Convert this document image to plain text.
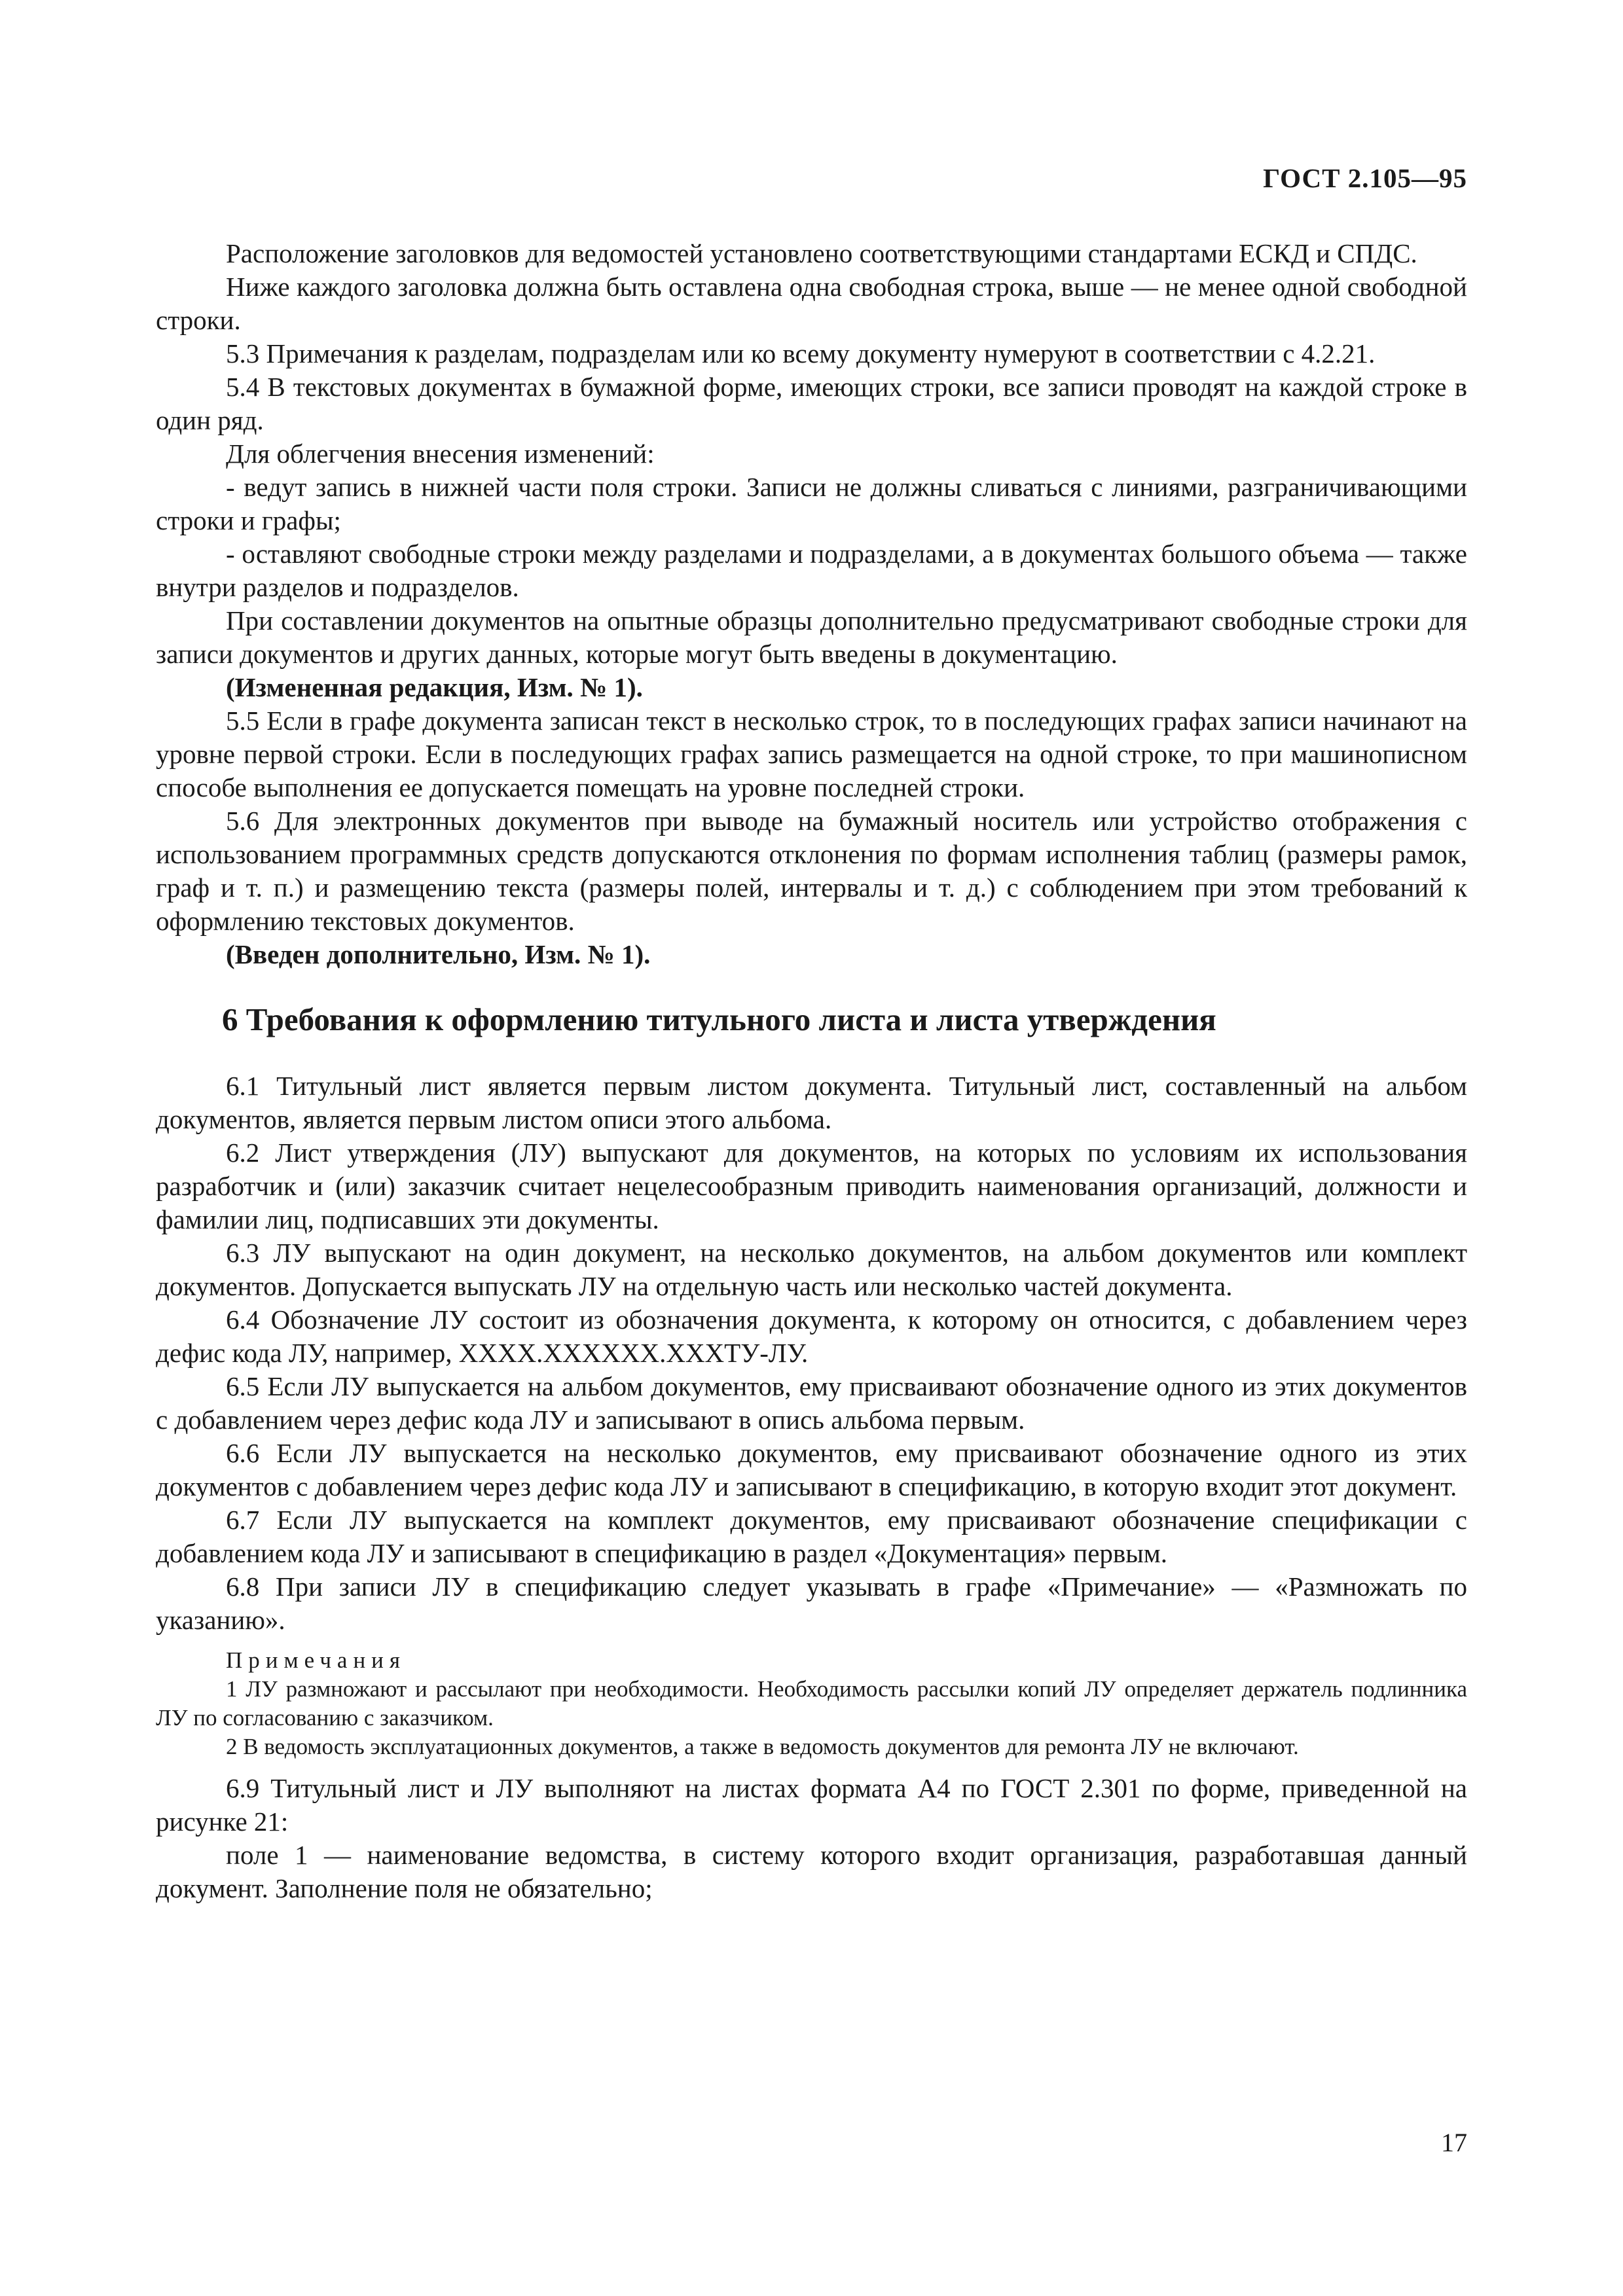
ГОСТ 2.105—95

Расположение заголовков для ведомостей установлено соответствующими стандартами ЕСКД и СПДС.

Ниже каждого заголовка должна быть оставлена одна свободная строка, выше — не менее одной свободной строки.

5.3 Примечания к разделам, подразделам или ко всему документу нумеруют в соответствии с 4.2.21.

5.4 В текстовых документах в бумажной форме, имеющих строки, все записи проводят на каждой строке в один ряд.

Для облегчения внесения изменений:

- ведут запись в нижней части поля строки. Записи не должны сливаться с линиями, разграничивающими строки и графы;

- оставляют свободные строки между разделами и подразделами, а в документах большого объема — также внутри разделов и подразделов.

При составлении документов на опытные образцы дополнительно предусматривают свободные строки для записи документов и других данных, которые могут быть введены в документацию.

(Измененная редакция, Изм. № 1).

5.5 Если в графе документа записан текст в несколько строк, то в последующих графах записи начинают на уровне первой строки. Если в последующих графах запись размещается на одной строке, то при машинописном способе выполнения ее допускается помещать на уровне последней строки.

5.6 Для электронных документов при выводе на бумажный носитель или устройство отображения с использованием программных средств допускаются отклонения по формам исполнения таблиц (размеры рамок, граф и т. п.) и размещению текста (размеры полей, интервалы и т. д.) с соблюдением при этом требований к оформлению текстовых документов.

(Введен дополнительно, Изм. № 1).

6 Требования к оформлению титульного листа и листа утверждения

6.1 Титульный лист является первым листом документа. Титульный лист, составленный на альбом документов, является первым листом описи этого альбома.

6.2 Лист утверждения (ЛУ) выпускают для документов, на которых по условиям их использования разработчик и (или) заказчик считает нецелесообразным приводить наименования организаций, должности и фамилии лиц, подписавших эти документы.

6.3 ЛУ выпускают на один документ, на несколько документов, на альбом документов или комплект документов. Допускается выпускать ЛУ на отдельную часть или несколько частей документа.

6.4 Обозначение ЛУ состоит из обозначения документа, к которому он относится, с добавлением через дефис кода ЛУ, например, ХХХХ.ХХХХХХ.ХХХТУ-ЛУ.

6.5 Если ЛУ выпускается на альбом документов, ему присваивают обозначение одного из этих документов с добавлением через дефис кода ЛУ и записывают в опись альбома первым.

6.6 Если ЛУ выпускается на несколько документов, ему присваивают обозначение одного из этих документов с добавлением через дефис кода ЛУ и записывают в спецификацию, в которую входит этот документ.

6.7 Если ЛУ выпускается на комплект документов, ему присваивают обозначение спецификации с добавлением кода ЛУ и записывают в спецификацию в раздел «Документация» первым.

6.8 При записи ЛУ в спецификацию следует указывать в графе «Примечание» — «Размножать по указанию».

Примечания

1 ЛУ размножают и рассылают при необходимости. Необходимость рассылки копий ЛУ определяет держатель подлинника ЛУ по согласованию с заказчиком.

2 В ведомость эксплуатационных документов, а также в ведомость документов для ремонта ЛУ не включают.

6.9 Титульный лист и ЛУ выполняют на листах формата А4 по ГОСТ 2.301 по форме, приведенной на рисунке 21:

поле 1 — наименование ведомства, в систему которого входит организация, разработавшая данный документ. Заполнение поля не обязательно;

17
